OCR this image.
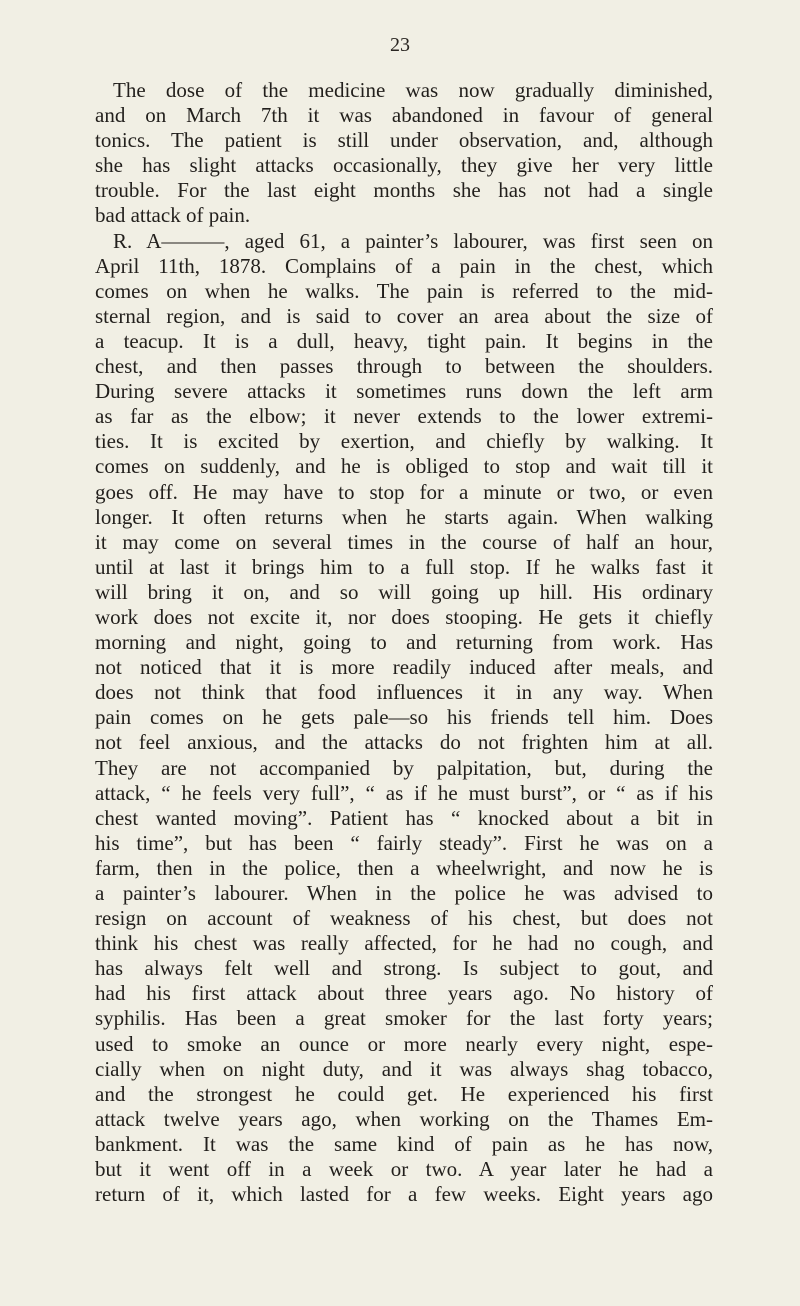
23
The dose of the medicine was now gradually diminished,
and on March 7th it was abandoned in favour of general
tonics. The patient is still under observation, and, although
she has slight attacks occasionally, they give her very little
trouble. For the last eight months she has not had a single
bad attack of pain.
R. A———, aged 61, a painter’s labourer, was first seen on
April 11th, 1878. Complains of a pain in the chest, which
comes on when he walks. The pain is referred to the mid-
sternal region, and is said to cover an area about the size of
a teacup. It is a dull, heavy, tight pain. It begins in the
chest, and then passes through to between the shoulders.
During severe attacks it sometimes runs down the left arm
as far as the elbow; it never extends to the lower extremi-
ties. It is excited by exertion, and chiefly by walking. It
comes on suddenly, and he is obliged to stop and wait till it
goes off. He may have to stop for a minute or two, or even
longer. It often returns when he starts again. When walking
it may come on several times in the course of half an hour,
until at last it brings him to a full stop. If he walks fast it
will bring it on, and so will going up hill. His ordinary
work does not excite it, nor does stooping. He gets it chiefly
morning and night, going to and returning from work. Has
not noticed that it is more readily induced after meals, and
does not think that food influences it in any way. When
pain comes on he gets pale—so his friends tell him. Does
not feel anxious, and the attacks do not frighten him at all.
They are not accompanied by palpitation, but, during the
attack, “ he feels very full”, “ as if he must burst”, or “ as if his
chest wanted moving”. Patient has “ knocked about a bit in
his time”, but has been “ fairly steady”. First he was on a
farm, then in the police, then a wheelwright, and now he is
a painter’s labourer. When in the police he was advised to
resign on account of weakness of his chest, but does not
think his chest was really affected, for he had no cough, and
has always felt well and strong. Is subject to gout, and
had his first attack about three years ago. No history of
syphilis. Has been a great smoker for the last forty years;
used to smoke an ounce or more nearly every night, espe-
cially when on night duty, and it was always shag tobacco,
and the strongest he could get. He experienced his first
attack twelve years ago, when working on the Thames Em-
bankment. It was the same kind of pain as he has now,
but it went off in a week or two. A year later he had a
return of it, which lasted for a few weeks. Eight years ago
